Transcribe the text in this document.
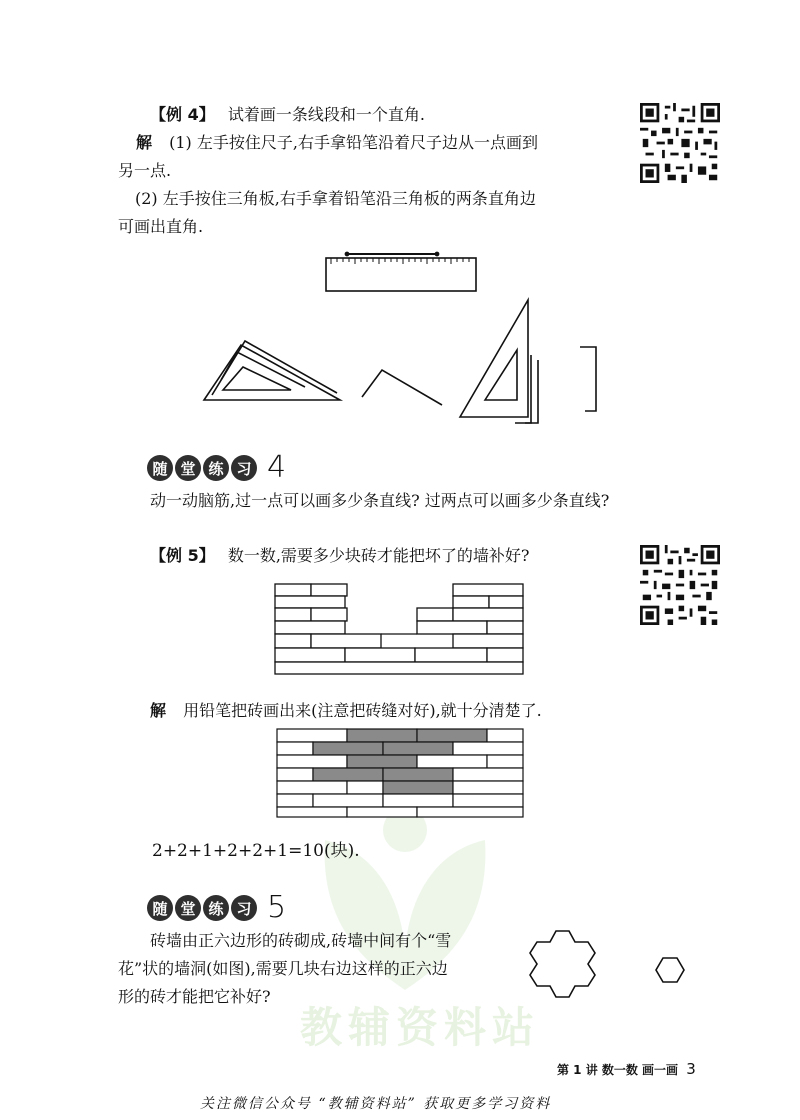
教辅资料站
【例 4】 试着画一条线段和一个直角.
解 (1) 左手按住尺子,右手拿铅笔沿着尺子边从一点画到
另一点.
(2) 左手按住三角板,右手拿着铅笔沿三角板的两条直角边
可画出直角.
随 堂 练 习 4
动一动脑筋,过一点可以画多少条直线? 过两点可以画多少条直线?
【例 5】 数一数,需要多少块砖才能把坏了的墙补好?
解 用铅笔把砖画出来(注意把砖缝对好),就十分清楚了.
2+2+1+2+2+1=10(块).
随 堂 练 习 5
砖墙由正六边形的砖砌成,砖墙中间有个“雪
花”状的墙洞(如图),需要几块右边这样的正六边
形的砖才能把它补好?
第 1 讲 数一数 画一画 3
关注微信公众号 “教辅资料站” 获取更多学习资料
